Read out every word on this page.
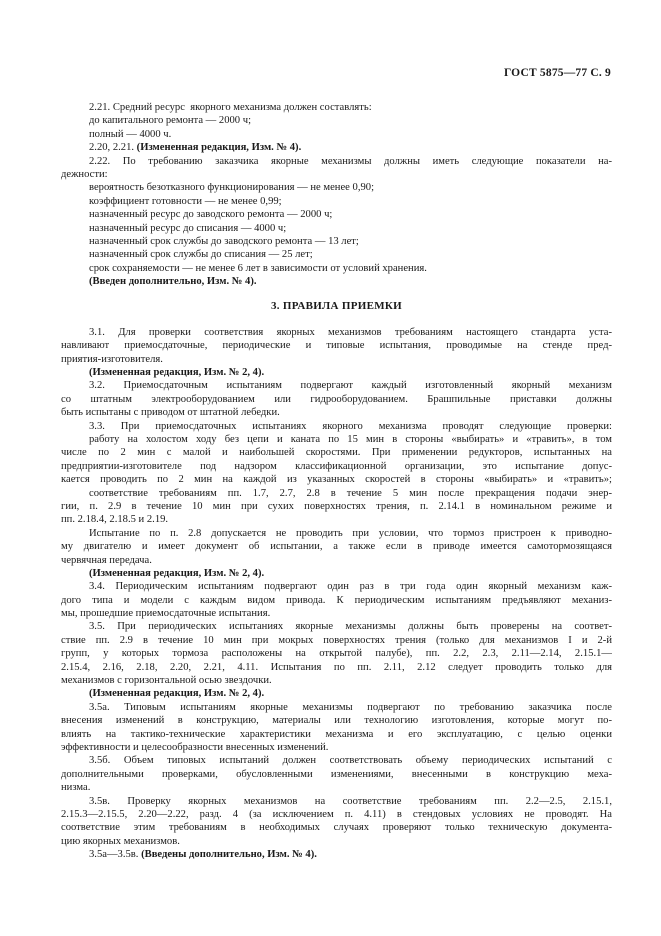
ГОСТ 5875—77 С. 9
2.21. Средний ресурс  якорного механизма должен составлять:
до капитального ремонта — 2000 ч;
полный — 4000 ч.
2.20, 2.21. (Измененная редакция, Изм. № 4).
2.22. По требованию заказчика якорные механизмы должны иметь следующие показатели на-
дежности:
вероятность безотказного функционирования — не менее 0,90;
коэффициент готовности — не менее 0,99;
назначенный ресурс до заводского ремонта — 2000 ч;
назначенный ресурс до списания — 4000 ч;
назначенный срок службы до заводского ремонта — 13 лет;
назначенный срок службы до списания — 25 лет;
срок сохраняемости — не менее 6 лет в зависимости от условий хранения.
(Введен дополнительно, Изм. № 4).
3. ПРАВИЛА ПРИЕМКИ
3.1. Для проверки соответствия якорных механизмов требованиям настоящего стандарта уста-
навливают приемосдаточные, периодические и типовые испытания, проводимые на стенде пред-
приятия-изготовителя.
(Измененная редакция, Изм. № 2, 4).
3.2. Приемосдаточным испытаниям подвергают каждый изготовленный якорный механизм
со штатным электрооборудованием или гидрооборудованием. Брашпильные приставки должны
быть испытаны с приводом от штатной лебедки.
3.3. При приемосдаточных испытаниях якорного механизма проводят следующие проверки:
работу на холостом ходу без цепи и каната по 15 мин в стороны «выбирать» и «травить», в том
числе по 2 мин с малой и наибольшей скоростями. При применении редукторов, испытанных на
предприятии-изготовителе под надзором классификационной организации, это испытание допус-
кается проводить по 2 мин на каждой из указанных скоростей в стороны «выбирать» и «травить»;
соответствие требованиям пп. 1.7, 2.7, 2.8 в течение 5 мин после прекращения подачи энер-
гии, п. 2.9 в течение 10 мин при сухих поверхностях трения, п. 2.14.1 в номинальном режиме и
пп. 2.18.4, 2.18.5 и 2.19.
Испытание по п. 2.8 допускается не проводить при условии, что тормоз пристроен к приводно-
му двигателю и имеет документ об испытании, а также если в приводе имеется самотормозящаяся
червячная передача.
(Измененная редакция, Изм. № 2, 4).
3.4. Периодическим испытаниям подвергают один раз в три года один якорный механизм каж-
дого типа и модели с каждым видом привода. К периодическим испытаниям предъявляют механиз-
мы, прошедшие приемосдаточные испытания.
3.5. При периодических испытаниях якорные механизмы должны быть проверены на соответ-
ствие пп. 2.9 в течение 10 мин при мокрых поверхностях трения (только для механизмов I и 2-й
групп, у которых тормоза расположены на открытой палубе), пп. 2.2, 2.3, 2.11—2.14, 2.15.1—
2.15.4, 2.16, 2.18, 2.20, 2.21, 4.11. Испытания по пп. 2.11, 2.12 следует проводить только для
механизмов с горизонтальной осью звездочки.
(Измененная редакция, Изм. № 2, 4).
3.5а. Типовым испытаниям якорные механизмы подвергают по требованию заказчика после
внесения изменений в конструкцию, материалы или технологию изготовления, которые могут по-
влиять на тактико-технические характеристики механизма и его эксплуатацию, с целью оценки
эффективности и целесообразности внесенных изменений.
3.5б. Объем типовых испытаний должен соответствовать объему периодических испытаний с
дополнительными проверками, обусловленными изменениями, внесенными в конструкцию меха-
низма.
3.5в. Проверку якорных механизмов на соответствие требованиям пп. 2.2—2.5, 2.15.1,
2.15.3—2.15.5, 2.20—2.22, разд. 4 (за исключением п. 4.11) в стендовых условиях не проводят. На
соответствие этим требованиям в необходимых случаях проверяют только техническую документа-
цию якорных механизмов.
3.5а—3.5в. (Введены дополнительно, Изм. № 4).
